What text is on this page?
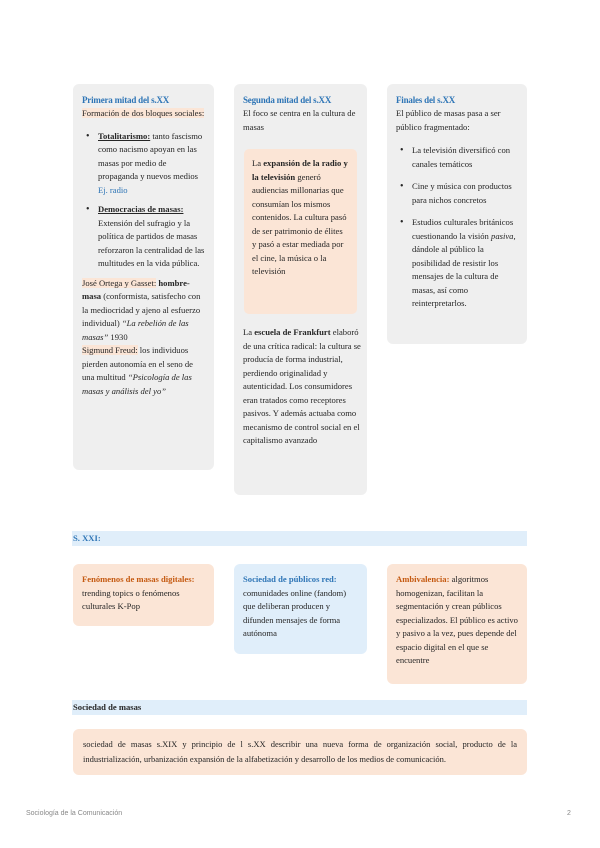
Primera mitad del s.XX
Formación de dos bloques sociales:
• Totalitarismo: tanto fascismo como nacismo apoyan en las masas por medio de propaganda y nuevos medios Ej. radio
• Democracias de masas: Extensión del sufragio y la política de partidos de masas reforzaron la centralidad de las multitudes en la vida pública.
José Ortega y Gasset: hombre-masa (conformista, satisfecho con la mediocridad y ajeno al esfuerzo individual) “La rebelión de las masas” 1930
Sigmund Freud: los individuos pierden autonomía en el seno de una multitud “Psicología de las masas y análisis del yo”
Segunda mitad del s.XX
El foco se centra en la cultura de masas
La expansión de la radio y la televisión generó audiencias millonarias que consumían los mismos contenidos. La cultura pasó de ser patrimonio de élites y pasó a estar mediada por el cine, la música o la televisión
La escuela de Frankfurt elaboró de una crítica radical: la cultura se producía de forma industrial, perdiendo originalidad y autenticidad. Los consumidores eran tratados como receptores pasivos. Y además actuaba como mecanismo de control social en el capitalismo avanzado
Finales del s.XX
El público de masas pasa a ser público fragmentado:
• La televisión diversificó con canales temáticos
• Cine y música con productos para nichos concretos
• Estudios culturales británicos cuestionando la visión pasiva, dándole al público la posibilidad de resistir los mensajes de la cultura de masas, así como reinterpretarlos.
S. XXI:
Fenómenos de masas digitales: trending topics o fenómenos culturales K-Pop
Sociedad de públicos red: comunidades online (fandom) que deliberan producen y difunden mensajes de forma autónoma
Ambivalencia: algoritmos homogenizan, facilitan la segmentación y crean públicos especializados. El público es activo y pasivo a la vez, pues depende del espacio digital en el que se encuentre
Sociedad de masas
sociedad de masas s.XIX y principio de l s.XX describir una nueva forma de organización social, producto de la industrialización, urbanización expansión de la alfabetización y desarrollo de los medios de comunicación.
Sociología de la Comunicación	2
